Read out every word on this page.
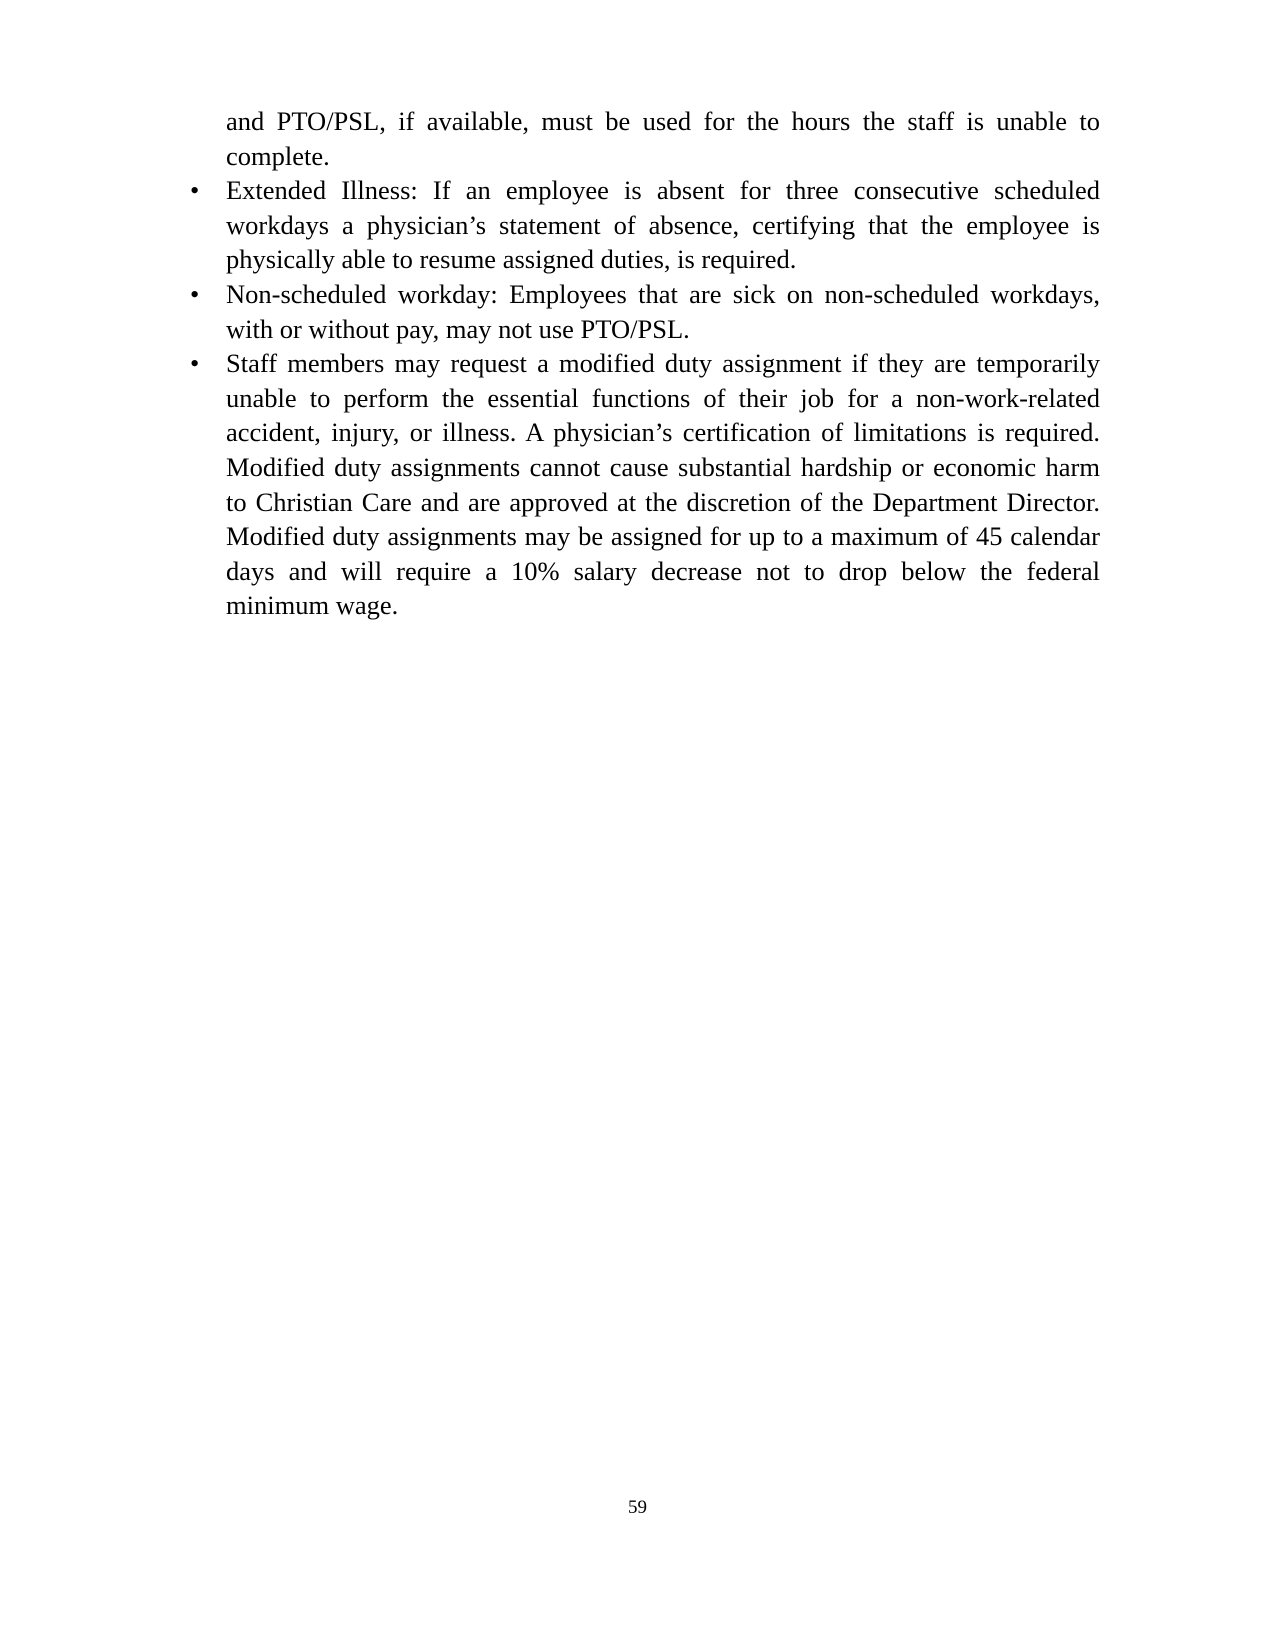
and PTO/PSL, if available, must be used for the hours the staff is unable to complete.

•	Extended Illness: If an employee is absent for three consecutive scheduled workdays a physician’s statement of absence, certifying that the employee is physically able to resume assigned duties, is required.
•	Non-scheduled workday: Employees that are sick on non-scheduled workdays, with or without pay, may not use PTO/PSL.
•	Staff members may request a modified duty assignment if they are temporarily unable to perform the essential functions of their job for a non-work-related accident, injury, or illness. A physician’s certification of limitations is required. Modified duty assignments cannot cause substantial hardship or economic harm to Christian Care and are approved at the discretion of the Department Director. Modified duty assignments may be assigned for up to a maximum of 45 calendar days and will require a 10% salary decrease not to drop below the federal minimum wage.
59
